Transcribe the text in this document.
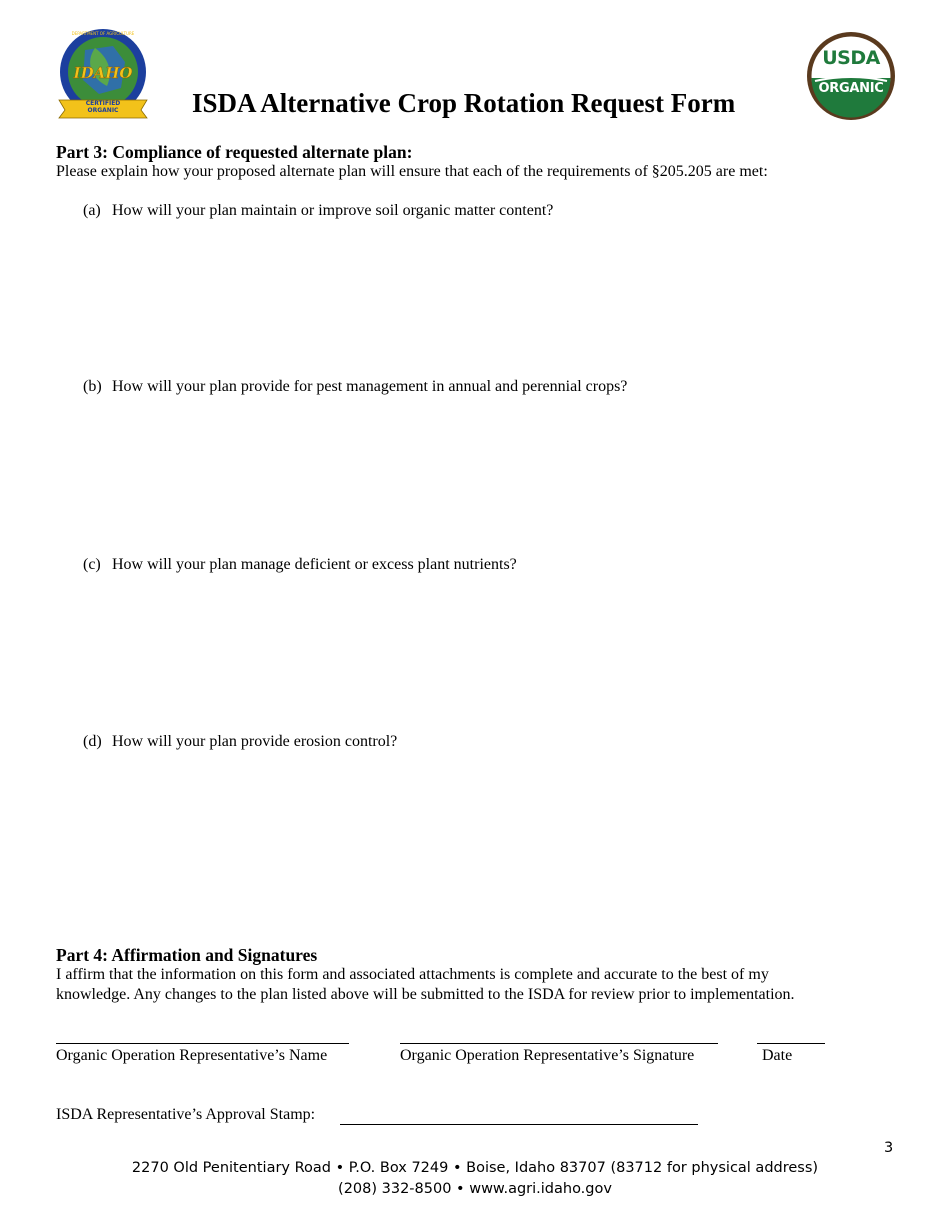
IDAHO
CERTIFIED ORGANIC
DEPARTMENT OF AGRICULTURE
ISDA Alternative Crop Rotation Request Form
USDA
ORGANIC
Part 3: Compliance of requested alternate plan:
Please explain how your proposed alternate plan will ensure that each of the requirements of §205.205 are met:
(a) How will your plan maintain or improve soil organic matter content?
(b) How will your plan provide for pest management in annual and perennial crops?
(c) How will your plan manage deficient or excess plant nutrients?
(d) How will your plan provide erosion control?
Part 4: Affirmation and Signatures
I affirm that the information on this form and associated attachments is complete and accurate to the best of my
knowledge. Any changes to the plan listed above will be submitted to the ISDA for review prior to implementation.
Organic Operation Representative’s Name	Organic Operation Representative’s Signature	Date
ISDA Representative’s Approval Stamp:
3
2270 Old Penitentiary Road • P.O. Box 7249 • Boise, Idaho 83707 (83712 for physical address)
(208) 332-8500 • www.agri.idaho.gov
